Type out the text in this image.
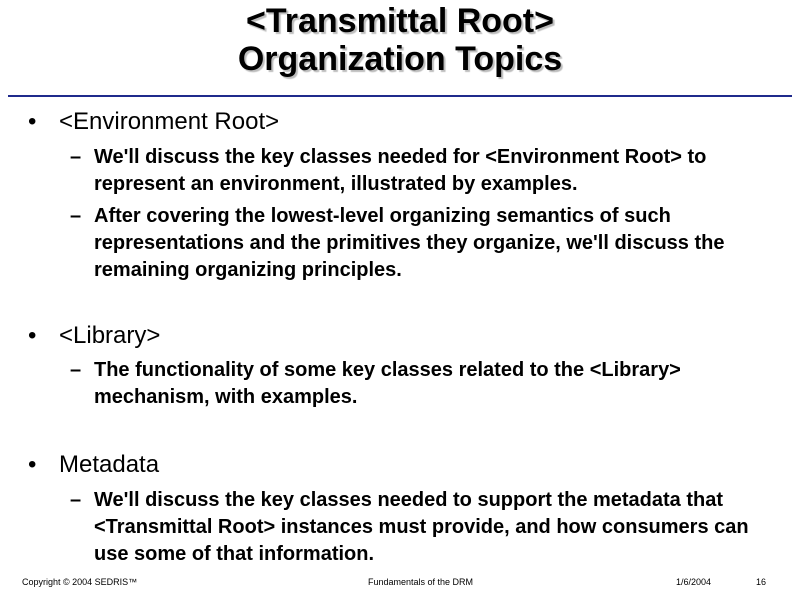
<Transmittal Root>
Organization Topics
• <Environment Root>
– We'll discuss the key classes needed for <Environment Root> to represent an environment, illustrated by examples.
– After covering the lowest-level organizing semantics of such representations and the primitives they organize, we'll discuss the remaining organizing principles.
• <Library>
– The functionality of some key classes related to the <Library> mechanism, with examples.
• Metadata
– We'll discuss the key classes needed to support the metadata that <Transmittal Root> instances must provide, and how consumers can use some of that information.
Copyright © 2004 SEDRIS™	Fundamentals of the DRM	1/6/2004	16
